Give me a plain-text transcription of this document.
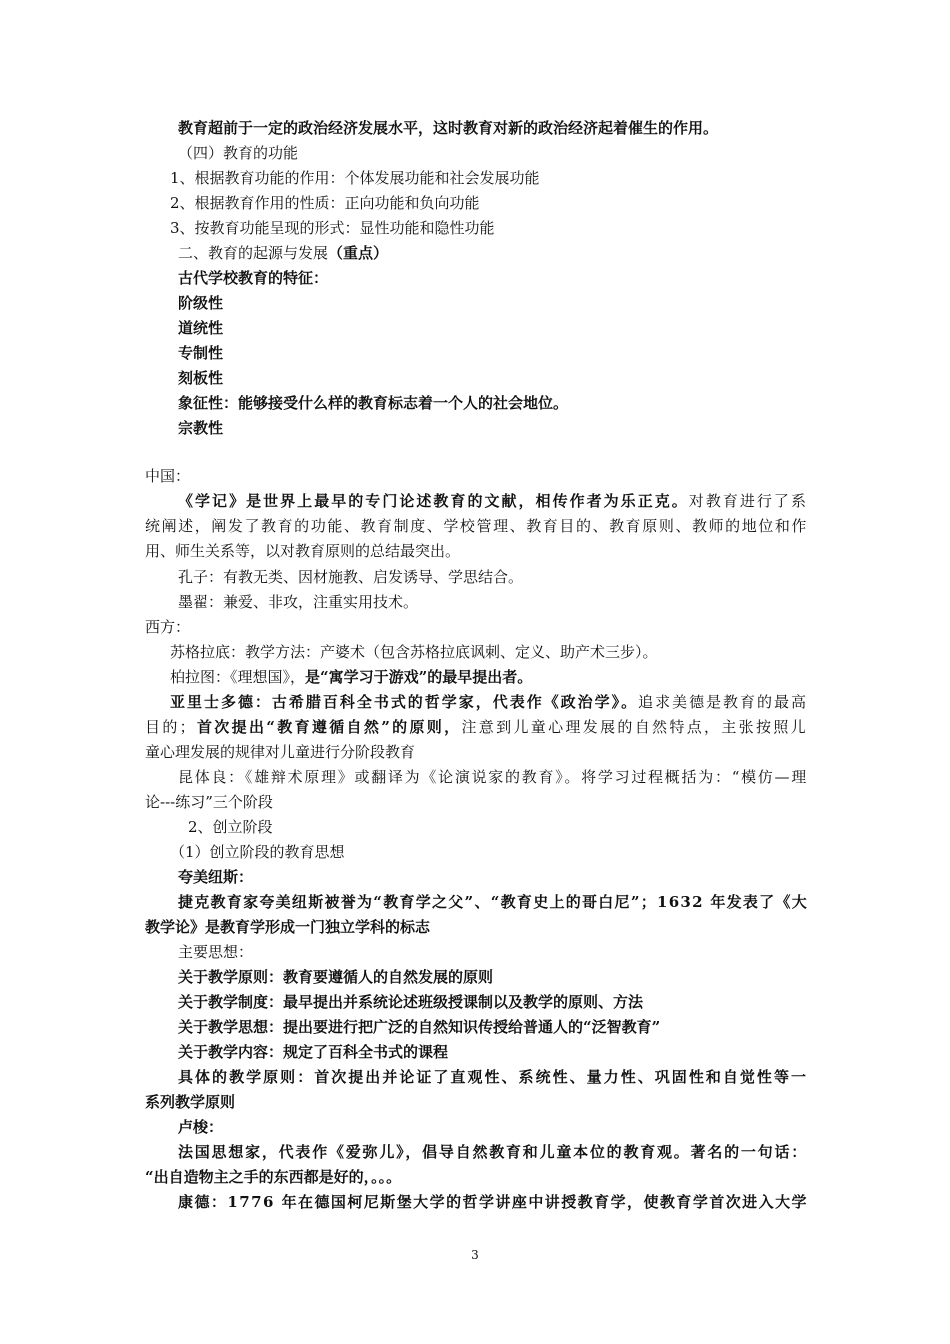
教育超前于一定的政治经济发展水平，这时教育对新的政治经济起着催生的作用。
（四）教育的功能
1、根据教育功能的作用：个体发展功能和社会发展功能
2、根据教育作用的性质：正向功能和负向功能
3、按教育功能呈现的形式：显性功能和隐性功能
二、教育的起源与发展（重点）
古代学校教育的特征：
阶级性
道统性
专制性
刻板性
象征性：能够接受什么样的教育标志着一个人的社会地位。
宗教性
中国：
《学记》是世界上最早的专门论述教育的文献，相传作者为乐正克。对教育进行了系
统阐述，阐发了教育的功能、教育制度、学校管理、教育目的、教育原则、教师的地位和作
用、师生关系等，以对教育原则的总结最突出。
孔子：有教无类、因材施教、启发诱导、学思结合。
墨翟：兼爱、非攻，注重实用技术。
西方：
苏格拉底：教学方法：产婆术（包含苏格拉底讽刺、定义、助产术三步）。
柏拉图：《理想国》，是“寓学习于游戏”的最早提出者。
亚里士多德：古希腊百科全书式的哲学家，代表作《政治学》。追求美德是教育的最高
目的；首次提出“教育遵循自然”的原则，注意到儿童心理发展的自然特点，主张按照儿
童心理发展的规律对儿童进行分阶段教育
昆体良：《雄辩术原理》或翻译为《论演说家的教育》。将学习过程概括为：“模仿—理
论---练习”三个阶段
2、创立阶段
（1）创立阶段的教育思想
夸美纽斯：
捷克教育家夸美纽斯被誉为“教育学之父”、“教育史上的哥白尼”；1632 年发表了《大
教学论》是教育学形成一门独立学科的标志
主要思想：
关于教学原则：教育要遵循人的自然发展的原则
关于教学制度：最早提出并系统论述班级授课制以及教学的原则、方法
关于教学思想：提出要进行把广泛的自然知识传授给普通人的“泛智教育”
关于教学内容：规定了百科全书式的课程
具体的教学原则：首次提出并论证了直观性、系统性、量力性、巩固性和自觉性等一
系列教学原则
卢梭：
法国思想家，代表作《爱弥儿》，倡导自然教育和儿童本位的教育观。著名的一句话：
“出自造物主之手的东西都是好的，。。。
康德：1776 年在德国柯尼斯堡大学的哲学讲座中讲授教育学，使教育学首次进入大学
3
